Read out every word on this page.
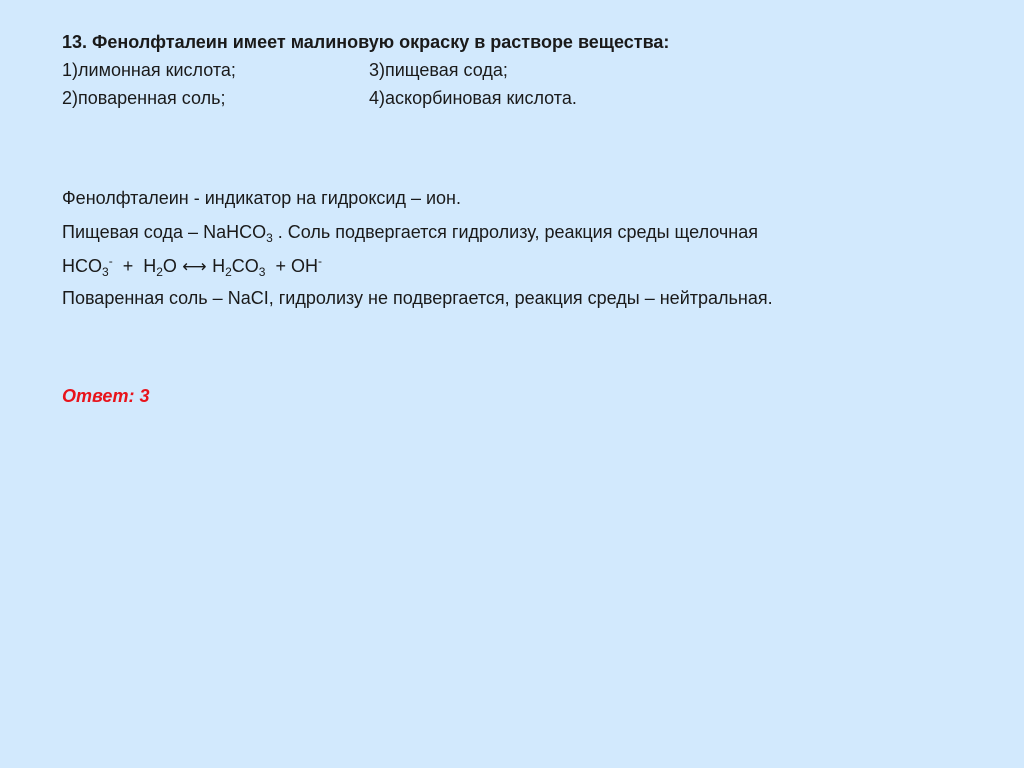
13. Фенолфталеин имеет малиновую окраску в растворе вещества:
1)лимонная кислота;	3)пищевая сода;
2)поваренная соль;	4)аскорбиновая кислота.
Фенолфталеин - индикатор на гидроксид – ион.
Пищевая сода – NaHCO$_3$ . Соль подвергается гидролизу, реакция среды щелочная
$HCO_3^- + H_2O$ ⟷ $H_2CO_3 + OH^-$
Поваренная соль – NaCI, гидролизу не подвергается, реакция среды – нейтральная.
Ответ: 3
